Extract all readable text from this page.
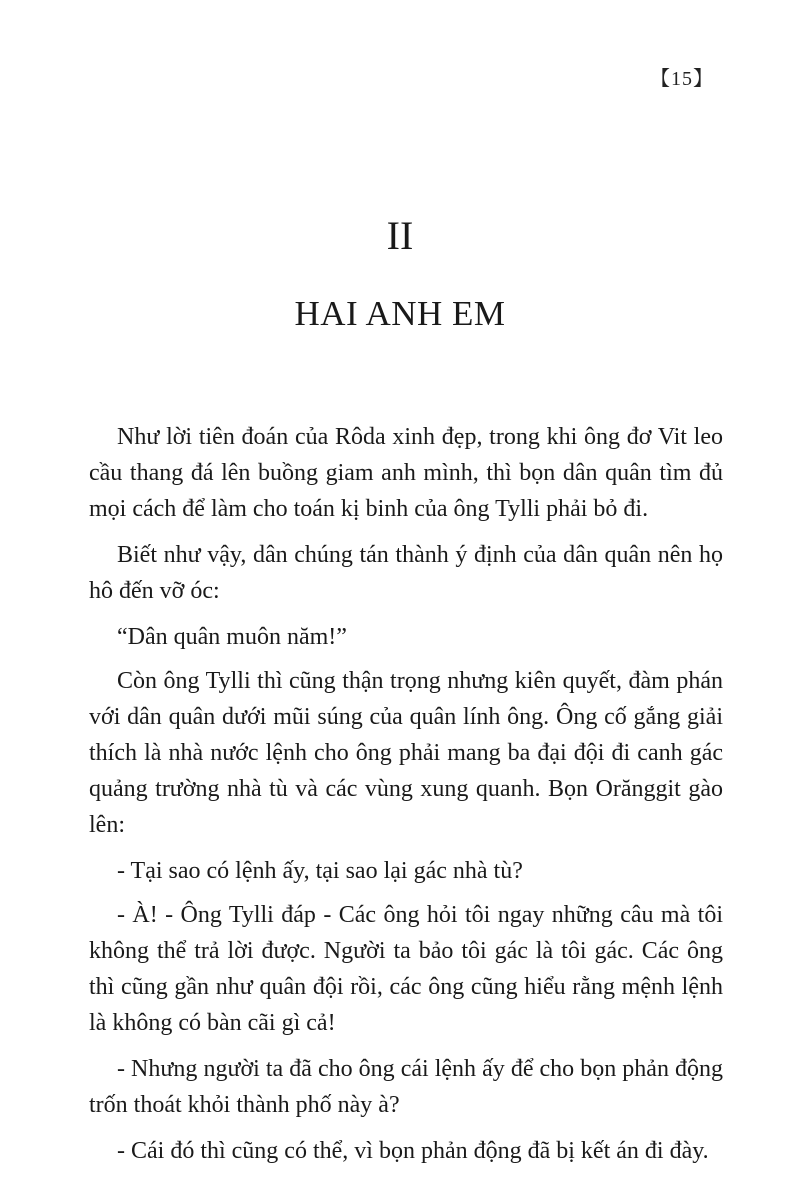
【15】
II
HAI ANH EM

Như lời tiên đoán của Rôda xinh đẹp, trong khi ông đơ Vit leo cầu thang đá lên buồng giam anh mình, thì bọn dân quân tìm đủ mọi cách để làm cho toán kị binh của ông Tylli phải bỏ đi.

Biết như vậy, dân chúng tán thành ý định của dân quân nên họ hô đến vỡ óc:

“Dân quân muôn năm!”

Còn ông Tylli thì cũng thận trọng nhưng kiên quyết, đàm phán với dân quân dưới mũi súng của quân lính ông. Ông cố gắng giải thích là nhà nước lệnh cho ông phải mang ba đại đội đi canh gác quảng trường nhà tù và các vùng xung quanh. Bọn Orănggit gào lên:

- Tại sao có lệnh ấy, tại sao lại gác nhà tù?

- À! - Ông Tylli đáp - Các ông hỏi tôi ngay những câu mà tôi không thể trả lời được. Người ta bảo tôi gác là tôi gác. Các ông thì cũng gần như quân đội rồi, các ông cũng hiểu rằng mệnh lệnh là không có bàn cãi gì cả!

- Nhưng người ta đã cho ông cái lệnh ấy để cho bọn phản động trốn thoát khỏi thành phố này à?

- Cái đó thì cũng có thể, vì bọn phản động đã bị kết án đi đày.
